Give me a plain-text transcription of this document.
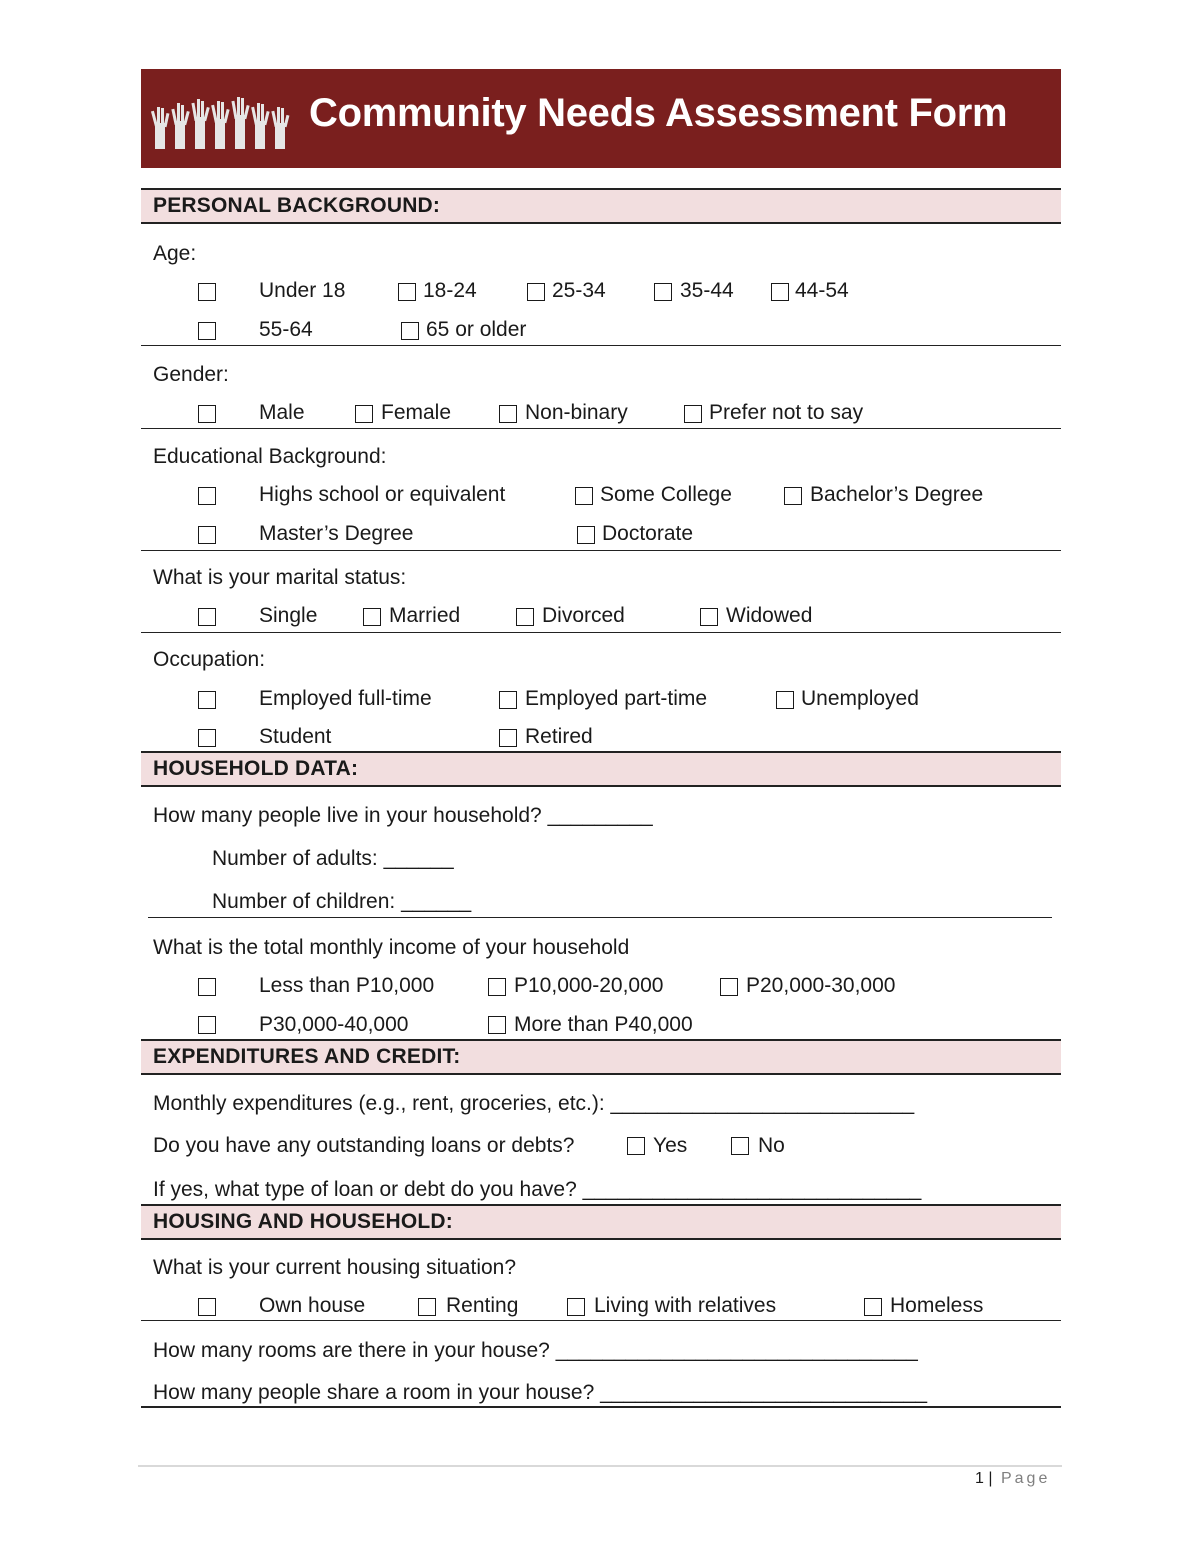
Community Needs Assessment Form
PERSONAL BACKGROUND:
Age:
Under 18	18-24	25-34	35-44	44-54
55-64	65 or older
Gender:
Male	Female	Non-binary	Prefer not to say
Educational Background:
Highs school or equivalent	Some College	Bachelor’s Degree
Master’s Degree	Doctorate
What is your marital status:
Single	Married	Divorced	Widowed
Occupation:
Employed full-time	Employed part-time	Unemployed
Student	Retired
HOUSEHOLD DATA:
How many people live in your household? _________
Number of adults: ______
Number of children: ______
What is the total monthly income of your household
Less than P10,000	P10,000-20,000	P20,000-30,000
P30,000-40,000	More than P40,000
EXPENDITURES AND CREDIT:
Monthly expenditures (e.g., rent, groceries, etc.): __________________________
Do you have any outstanding loans or debts?	Yes	No
If yes, what type of loan or debt do you have? _____________________________
HOUSING AND HOUSEHOLD:
What is your current housing situation?
Own house	Renting	Living with relatives	Homeless
How many rooms are there in your house? _______________________________
How many people share a room in your house? ____________________________
1 | Page
